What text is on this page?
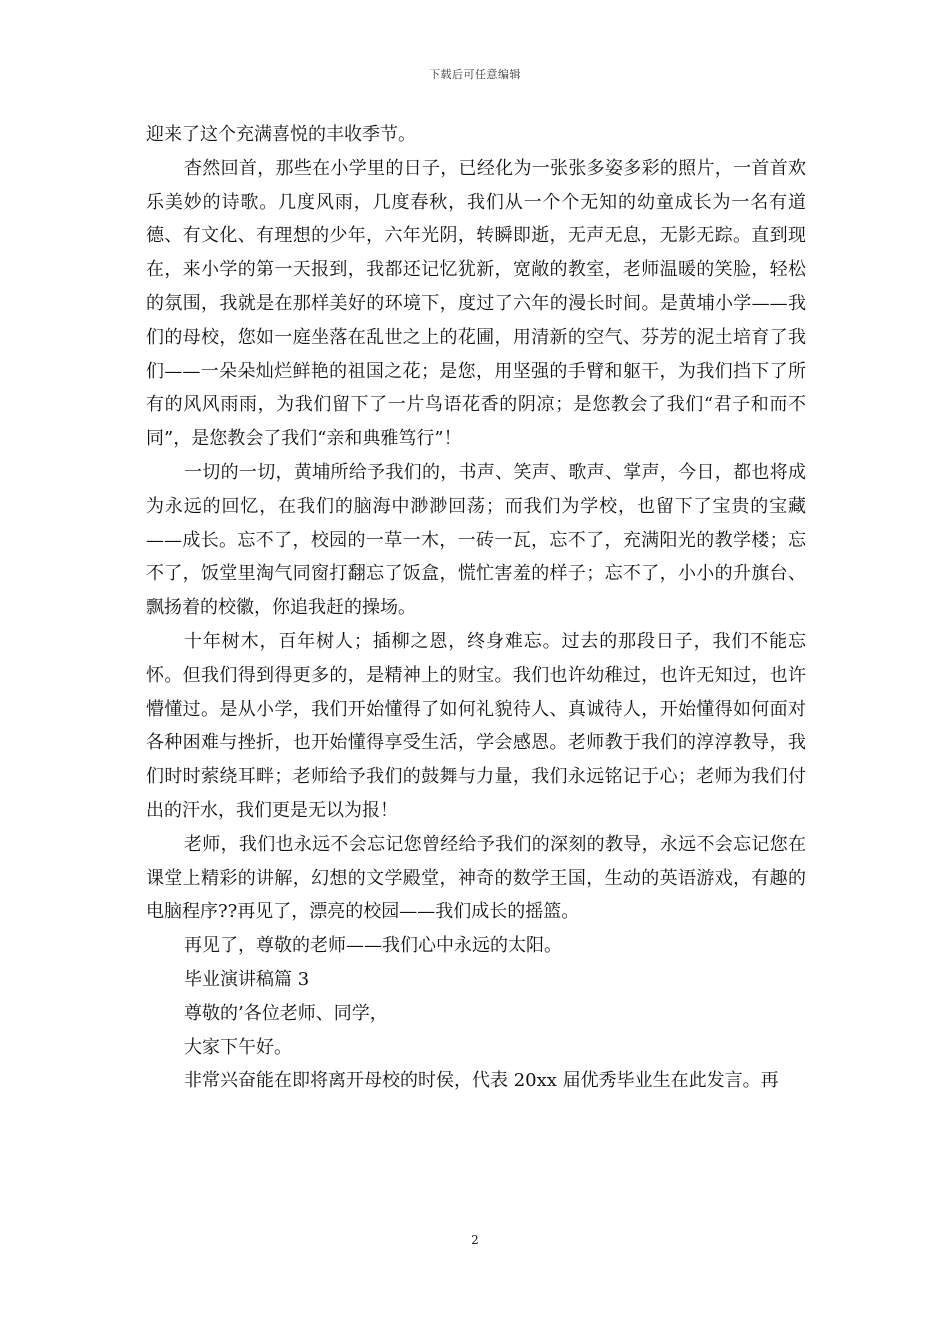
下载后可任意编辑

迎来了这个充满喜悦的丰收季节。

杳然回首，那些在小学里的日子，已经化为一张张多姿多彩的照片，一首首欢乐美妙的诗歌。几度风雨，几度春秋，我们从一个个无知的幼童成长为一名有道德、有文化、有理想的少年，六年光阴，转瞬即逝，无声无息，无影无踪。直到现在，来小学的第一天报到，我都还记忆犹新，宽敞的教室，老师温暖的笑脸，轻松的氛围，我就是在那样美好的环境下，度过了六年的漫长时间。是黄埔小学——我们的母校，您如一庭坐落在乱世之上的花圃，用清新的空气、芬芳的泥土培育了我们——一朵朵灿烂鲜艳的祖国之花；是您，用坚强的手臂和躯干，为我们挡下了所有的风风雨雨，为我们留下了一片鸟语花香的阴凉；是您教会了我们“君子和而不同”，是您教会了我们“亲和典雅笃行”！

一切的一切，黄埔所给予我们的，书声、笑声、歌声、掌声，今日，都也将成为永远的回忆，在我们的脑海中渺渺回荡；而我们为学校，也留下了宝贵的宝藏——成长。忘不了，校园的一草一木，一砖一瓦，忘不了，充满阳光的教学楼；忘不了，饭堂里淘气同窗打翻忘了饭盒，慌忙害羞的样子；忘不了，小小的升旗台、飘扬着的校徽，你追我赶的操场。

十年树木，百年树人；插柳之恩，终身难忘。过去的那段日子，我们不能忘怀。但我们得到得更多的，是精神上的财宝。我们也许幼稚过，也许无知过，也许懵懂过。是从小学，我们开始懂得了如何礼貌待人、真诚待人，开始懂得如何面对各种困难与挫折，也开始懂得享受生活，学会感恩。老师教于我们的淳淳教导，我们时时萦绕耳畔；老师给予我们的鼓舞与力量，我们永远铭记于心；老师为我们付出的汗水，我们更是无以为报！

老师，我们也永远不会忘记您曾经给予我们的深刻的教导，永远不会忘记您在课堂上精彩的讲解，幻想的文学殿堂，神奇的数学王国，生动的英语游戏，有趣的电脑程序??再见了，漂亮的校园——我们成长的摇篮。

再见了，尊敬的老师——我们心中永远的太阳。

毕业演讲稿篇 3

尊敬的’各位老师、同学，

大家下午好。

非常兴奋能在即将离开母校的时侯，代表 20xx 届优秀毕业生在此发言。再

2
